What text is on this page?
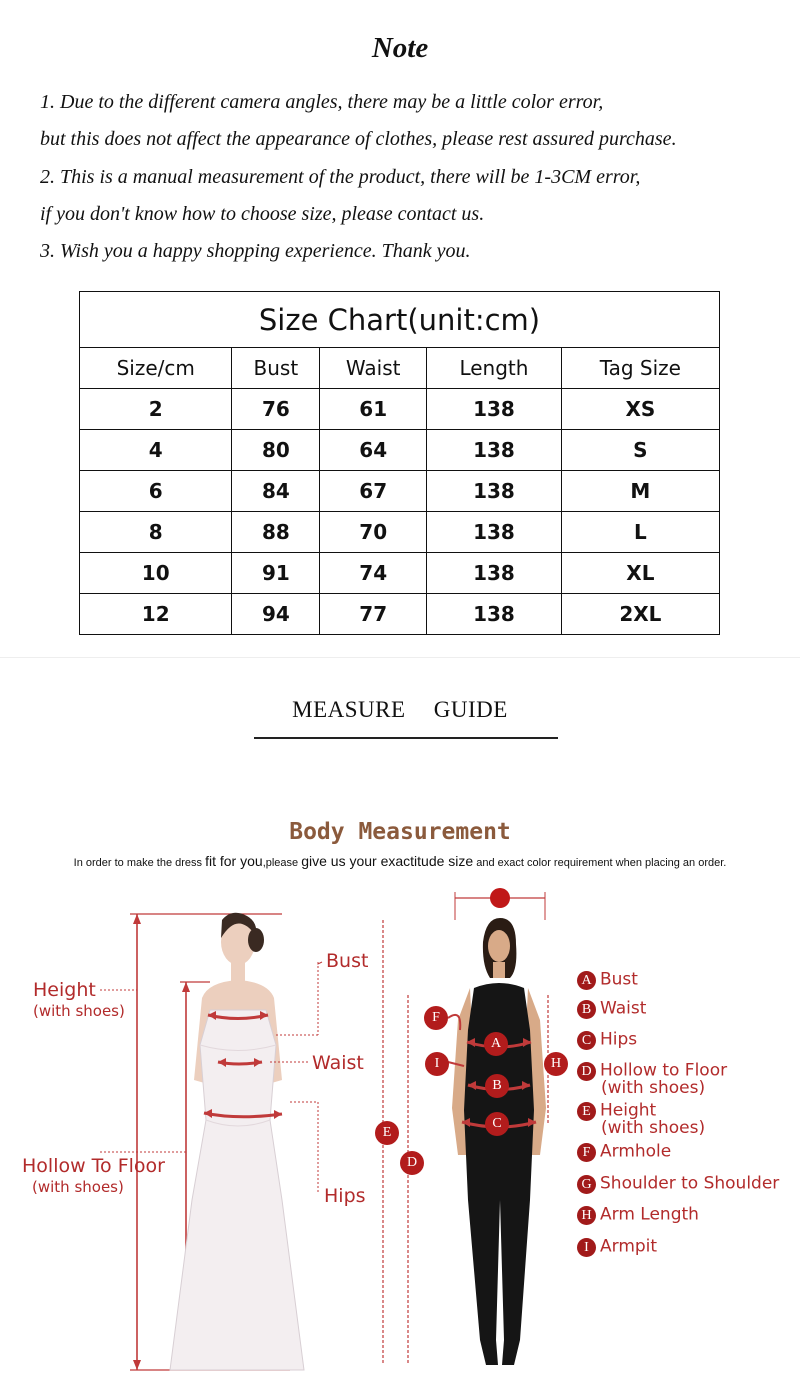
Note
1. Due to the different camera angles, there may be a little color error,
but this does not affect the appearance of clothes, please rest assured purchase.
2. This is a manual measurement of the product, there will be 1-3CM error,
if you don't know how to choose size, please contact us.
3. Wish you a happy shopping experience. Thank you.
Size Chart(unit:cm)				
Size/cm	Bust	Waist	Length	Tag Size
2	76	61	138	XS
4	80	64	138	S
6	84	67	138	M
8	88	70	138	L
10	91	74	138	XL
12	94	77	138	2XL
MEASURE GUIDE
Body Measurement
In order to make the dress fit for you,please give us your exactitude size and exact color requirement when placing an order.
Height
(with shoes)
Hollow To Floor
(with shoes)
Bust
Waist
Hips
A
B
C
D
E
F
H
I
A Bust
B Waist
C Hips
D Hollow to Floor
(with shoes)
E Height
(with shoes)
F Armhole
G Shoulder to Shoulder
H Arm Length
I Armpit
